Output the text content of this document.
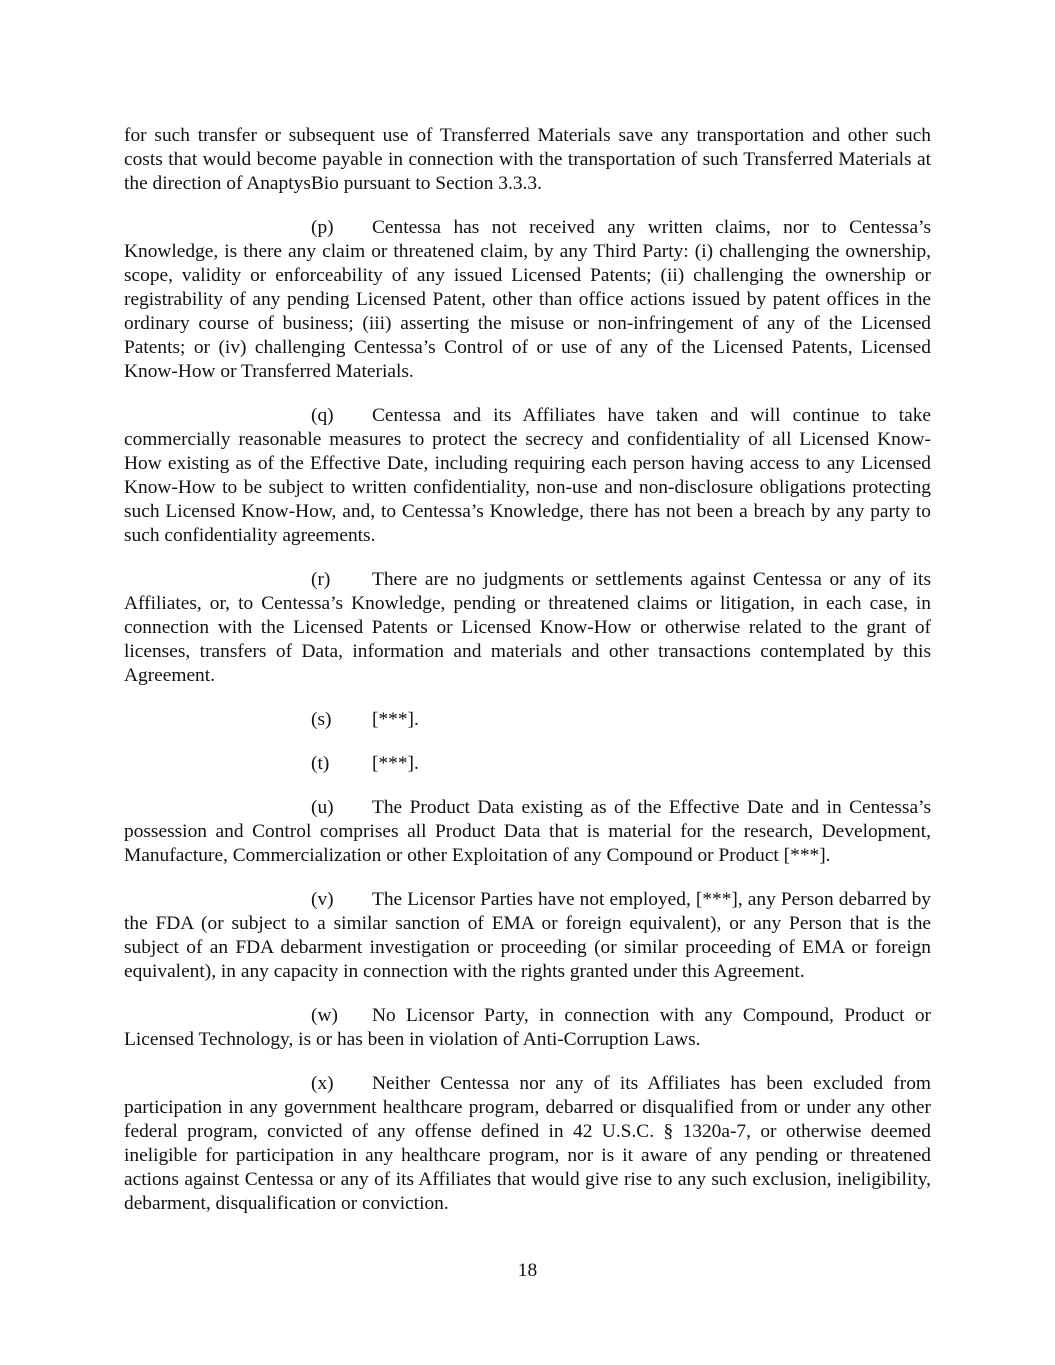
for such transfer or subsequent use of Transferred Materials save any transportation and other such costs that would become payable in connection with the transportation of such Transferred Materials at the direction of AnaptysBio pursuant to Section 3.3.3.

(p) Centessa has not received any written claims, nor to Centessa’s Knowledge, is there any claim or threatened claim, by any Third Party: (i) challenging the ownership, scope, validity or enforceability of any issued Licensed Patents; (ii) challenging the ownership or registrability of any pending Licensed Patent, other than office actions issued by patent offices in the ordinary course of business; (iii) asserting the misuse or non-infringement of any of the Licensed Patents; or (iv) challenging Centessa’s Control of or use of any of the Licensed Patents, Licensed Know-How or Transferred Materials.

(q) Centessa and its Affiliates have taken and will continue to take commercially reasonable measures to protect the secrecy and confidentiality of all Licensed Know-How existing as of the Effective Date, including requiring each person having access to any Licensed Know-How to be subject to written confidentiality, non-use and non-disclosure obligations protecting such Licensed Know-How, and, to Centessa’s Knowledge, there has not been a breach by any party to such confidentiality agreements.

(r) There are no judgments or settlements against Centessa or any of its Affiliates, or, to Centessa’s Knowledge, pending or threatened claims or litigation, in each case, in connection with the Licensed Patents or Licensed Know-How or otherwise related to the grant of licenses, transfers of Data, information and materials and other transactions contemplated by this Agreement.

(s) [***].

(t) [***].

(u) The Product Data existing as of the Effective Date and in Centessa’s possession and Control comprises all Product Data that is material for the research, Development, Manufacture, Commercialization or other Exploitation of any Compound or Product [***].

(v) The Licensor Parties have not employed, [***], any Person debarred by the FDA (or subject to a similar sanction of EMA or foreign equivalent), or any Person that is the subject of an FDA debarment investigation or proceeding (or similar proceeding of EMA or foreign equivalent), in any capacity in connection with the rights granted under this Agreement.

(w) No Licensor Party, in connection with any Compound, Product or Licensed Technology, is or has been in violation of Anti-Corruption Laws.

(x) Neither Centessa nor any of its Affiliates has been excluded from participation in any government healthcare program, debarred or disqualified from or under any other federal program, convicted of any offense defined in 42 U.S.C. § 1320a-7, or otherwise deemed ineligible for participation in any healthcare program, nor is it aware of any pending or threatened actions against Centessa or any of its Affiliates that would give rise to any such exclusion, ineligibility, debarment, disqualification or conviction.

18
